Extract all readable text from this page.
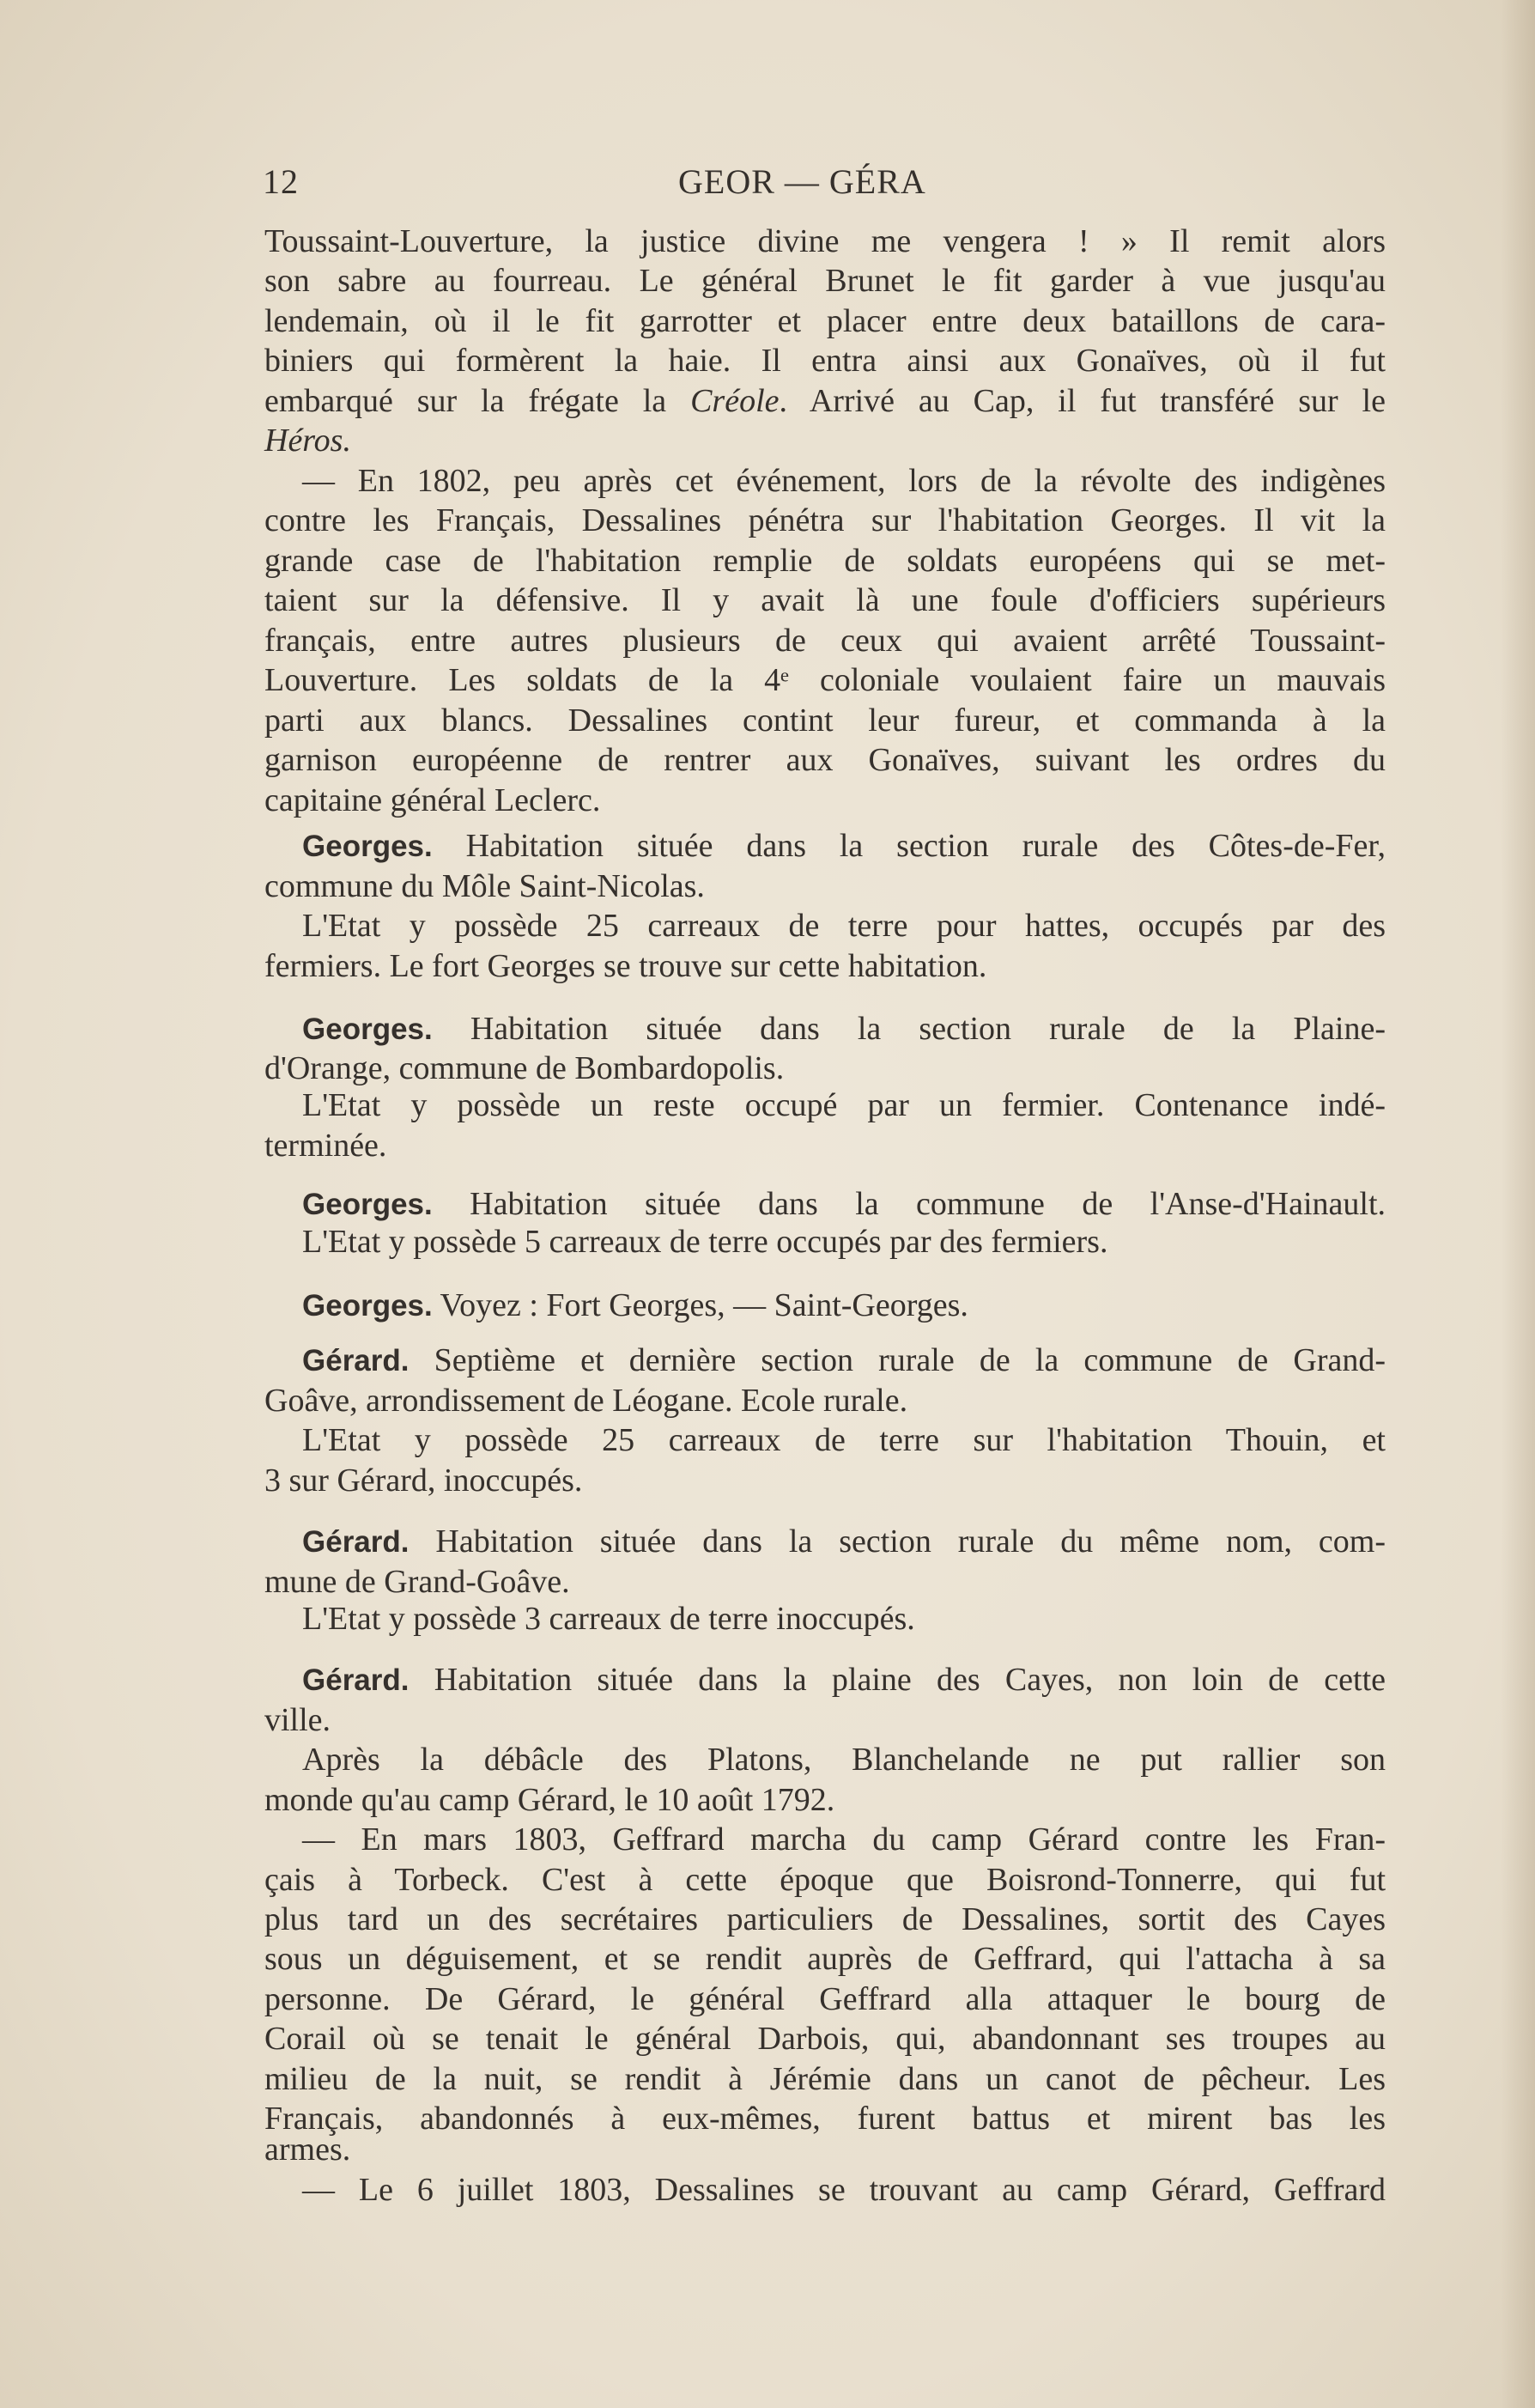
12	GEOR — GÉRA
Toussaint-Louverture, la justice divine me vengera ! » Il remit alors
son sabre au fourreau. Le général Brunet le fit garder à vue jusqu'au
lendemain, où il le fit garrotter et placer entre deux bataillons de cara-
biniers qui formèrent la haie. Il entra ainsi aux Gonaïves, où il fut
embarqué sur la frégate la Créole. Arrivé au Cap, il fut transféré sur le
Héros.
— En 1802, peu après cet événement, lors de la révolte des indigènes
contre les Français, Dessalines pénétra sur l'habitation Georges. Il vit la
grande case de l'habitation remplie de soldats européens qui se met-
taient sur la défensive. Il y avait là une foule d'officiers supérieurs
français, entre autres plusieurs de ceux qui avaient arrêté Toussaint-
Louverture. Les soldats de la 4ᵉ coloniale voulaient faire un mauvais
parti aux blancs. Dessalines contint leur fureur, et commanda à la
garnison européenne de rentrer aux Gonaïves, suivant les ordres du
capitaine général Leclerc.
Georges. Habitation située dans la section rurale des Côtes-de-Fer,
commune du Môle Saint-Nicolas.
L'Etat y possède 25 carreaux de terre pour hattes, occupés par des
fermiers. Le fort Georges se trouve sur cette habitation.
Georges. Habitation située dans la section rurale de la Plaine-
d'Orange, commune de Bombardopolis.
L'Etat y possède un reste occupé par un fermier. Contenance indé-
terminée.
Georges. Habitation située dans la commune de l'Anse-d'Hainault.
L'Etat y possède 5 carreaux de terre occupés par des fermiers.
Georges. Voyez : Fort Georges, — Saint-Georges.
Gérard. Septième et dernière section rurale de la commune de Grand-
Goâve, arrondissement de Léogane. Ecole rurale.
L'Etat y possède 25 carreaux de terre sur l'habitation Thouin, et
3 sur Gérard, inoccupés.
Gérard. Habitation située dans la section rurale du même nom, com-
mune de Grand-Goâve.
L'Etat y possède 3 carreaux de terre inoccupés.
Gérard. Habitation située dans la plaine des Cayes, non loin de cette
ville.
Après la débâcle des Platons, Blanchelande ne put rallier son
monde qu'au camp Gérard, le 10 août 1792.
— En mars 1803, Geffrard marcha du camp Gérard contre les Fran-
çais à Torbeck. C'est à cette époque que Boisrond-Tonnerre, qui fut
plus tard un des secrétaires particuliers de Dessalines, sortit des Cayes
sous un déguisement, et se rendit auprès de Geffrard, qui l'attacha à sa
personne. De Gérard, le général Geffrard alla attaquer le bourg de
Corail où se tenait le général Darbois, qui, abandonnant ses troupes au
milieu de la nuit, se rendit à Jérémie dans un canot de pêcheur. Les
Français, abandonnés à eux-mêmes, furent battus et mirent bas les
armes.
— Le 6 juillet 1803, Dessalines se trouvant au camp Gérard, Geffrard
